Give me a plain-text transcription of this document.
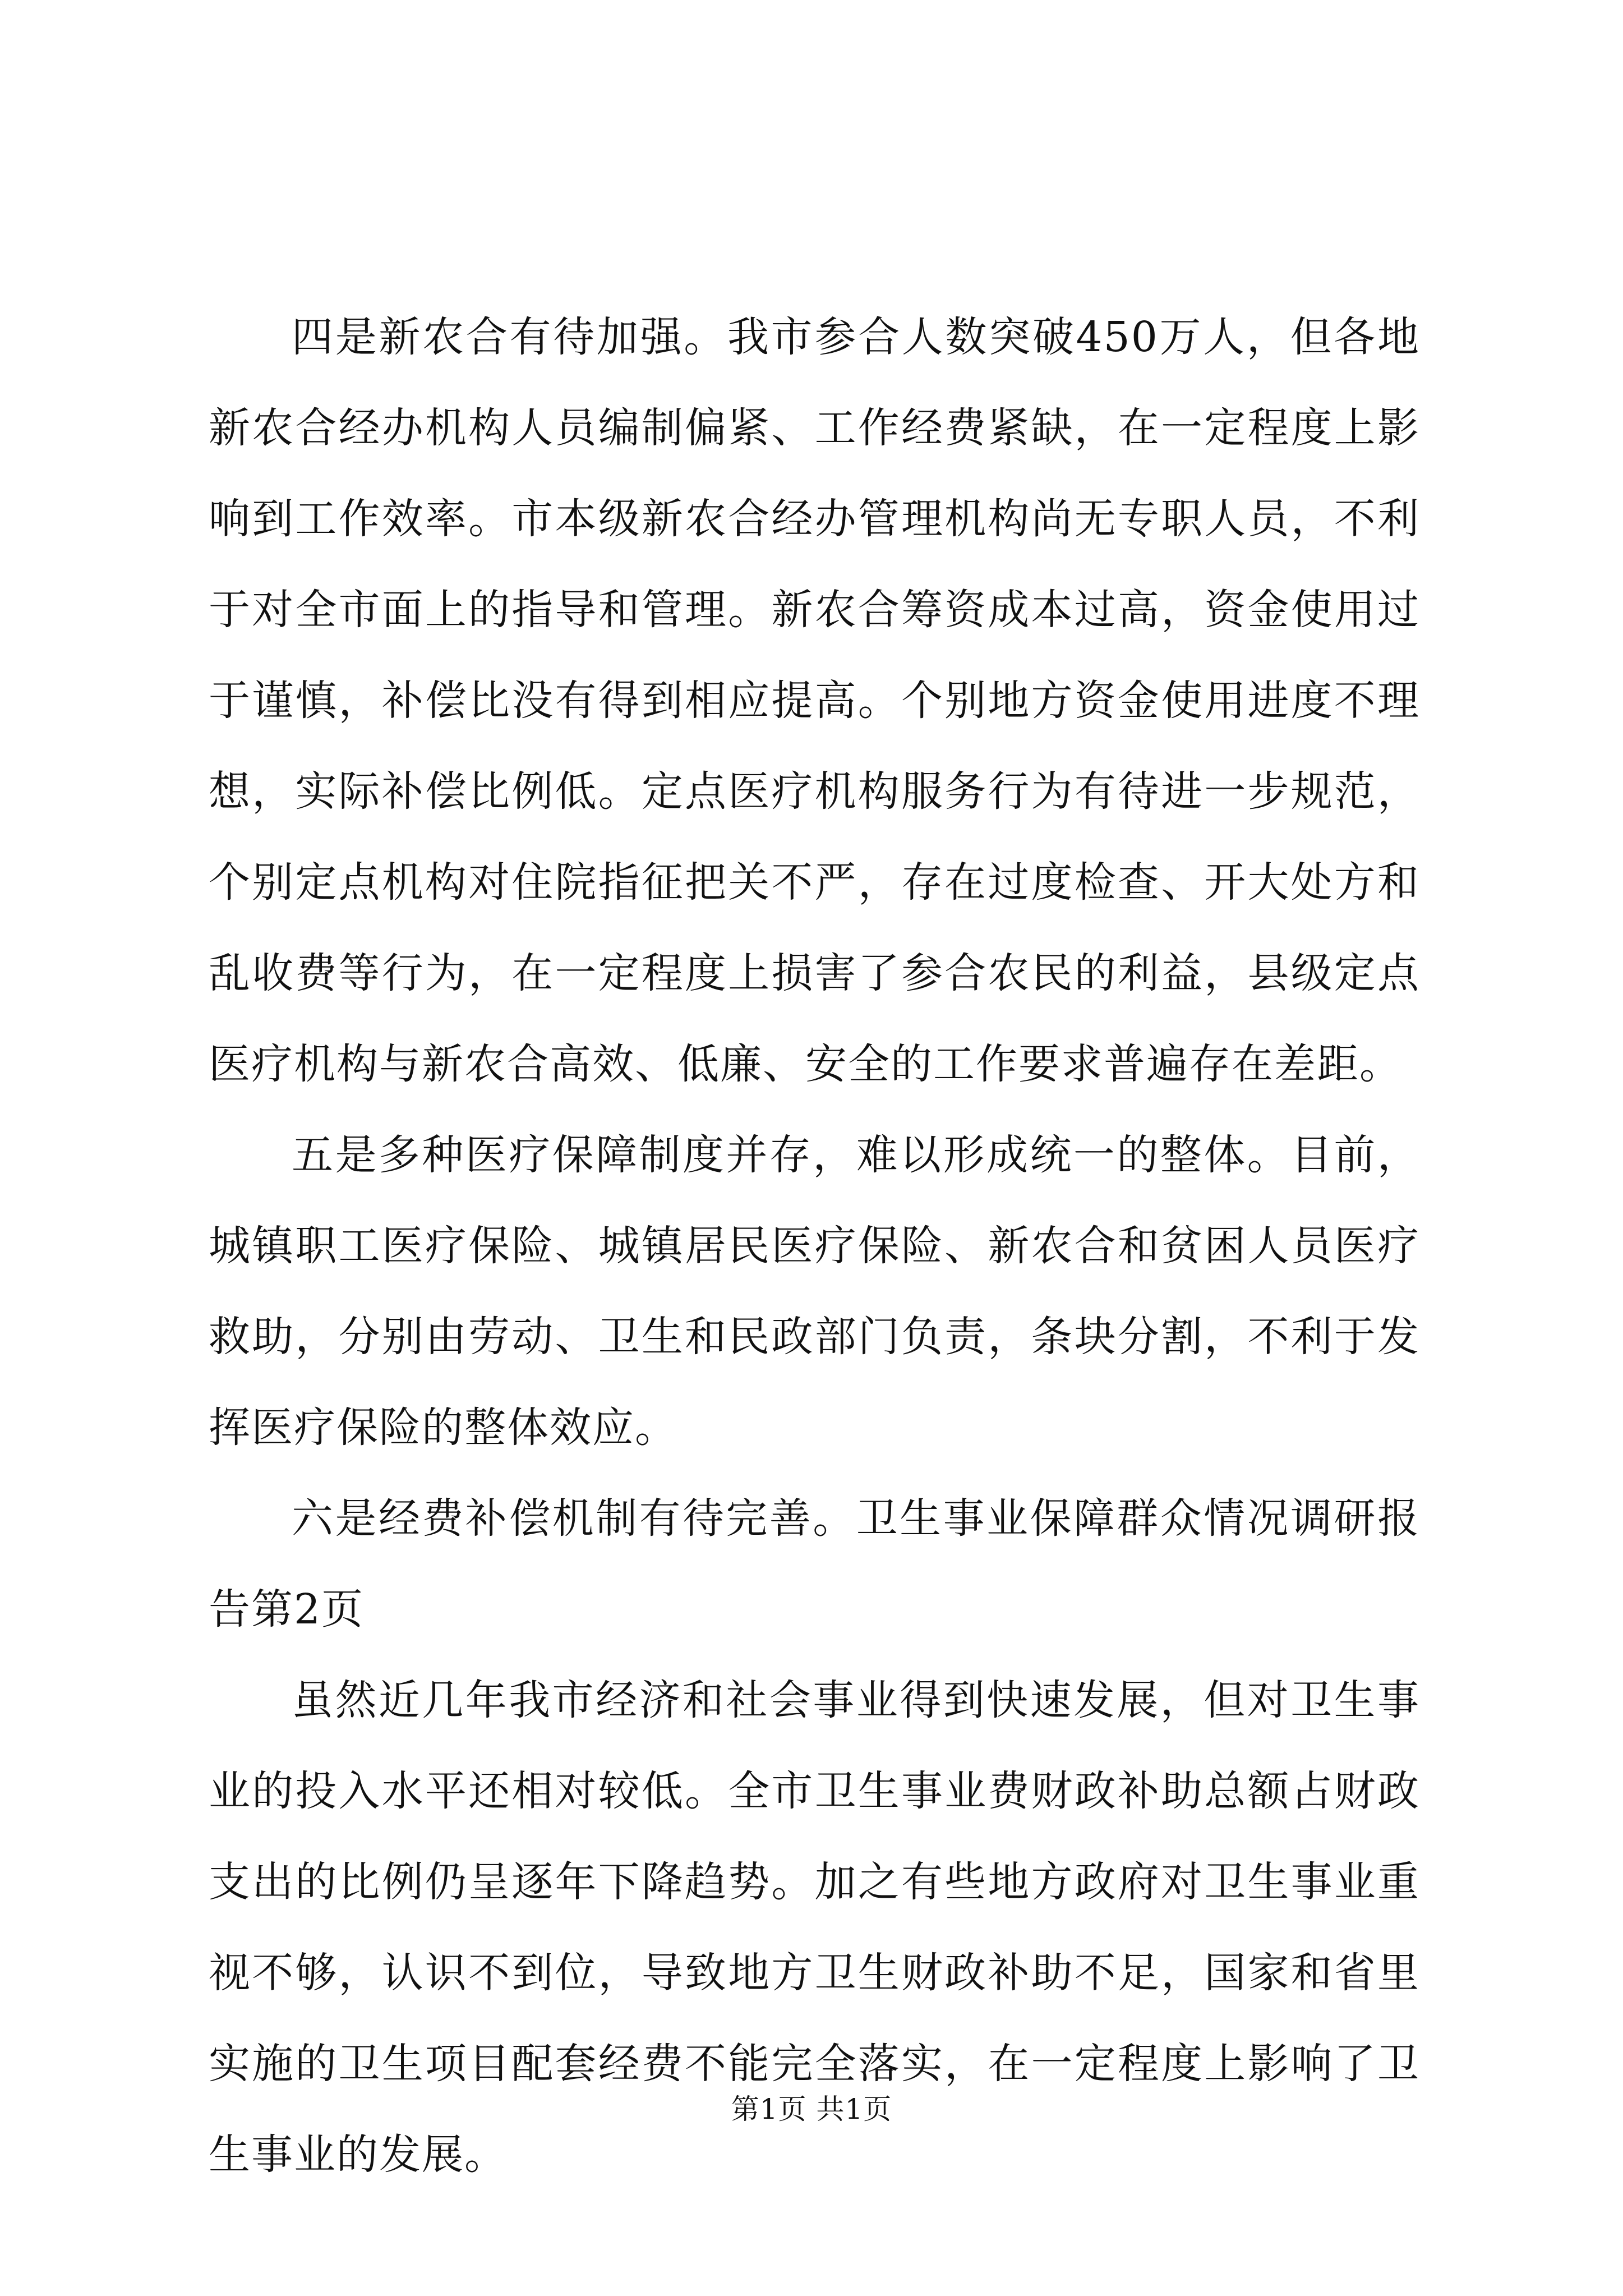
四是新农合有待加强。我市参合人数突破450万人，但各地新农合经办机构人员编制偏紧、工作经费紧缺，在一定程度上影响到工作效率。市本级新农合经办管理机构尚无专职人员，不利于对全市面上的指导和管理。新农合筹资成本过高，资金使用过于谨慎，补偿比没有得到相应提高。个别地方资金使用进度不理想，实际补偿比例低。定点医疗机构服务行为有待进一步规范，个别定点机构对住院指征把关不严，存在过度检查、开大处方和乱收费等行为，在一定程度上损害了参合农民的利益，县级定点医疗机构与新农合高效、低廉、安全的工作要求普遍存在差距。

五是多种医疗保障制度并存，难以形成统一的整体。目前，城镇职工医疗保险、城镇居民医疗保险、新农合和贫困人员医疗救助，分别由劳动、卫生和民政部门负责，条块分割，不利于发挥医疗保险的整体效应。

六是经费补偿机制有待完善。卫生事业保障群众情况调研报告第2页

虽然近几年我市经济和社会事业得到快速发展，但对卫生事业的投入水平还相对较低。全市卫生事业费财政补助总额占财政支出的比例仍呈逐年下降趋势。加之有些地方政府对卫生事业重视不够，认识不到位，导致地方卫生财政补助不足，国家和省里实施的卫生项目配套经费不能完全落实，在一定程度上影响了卫生事业的发展。

第1页 共1页
